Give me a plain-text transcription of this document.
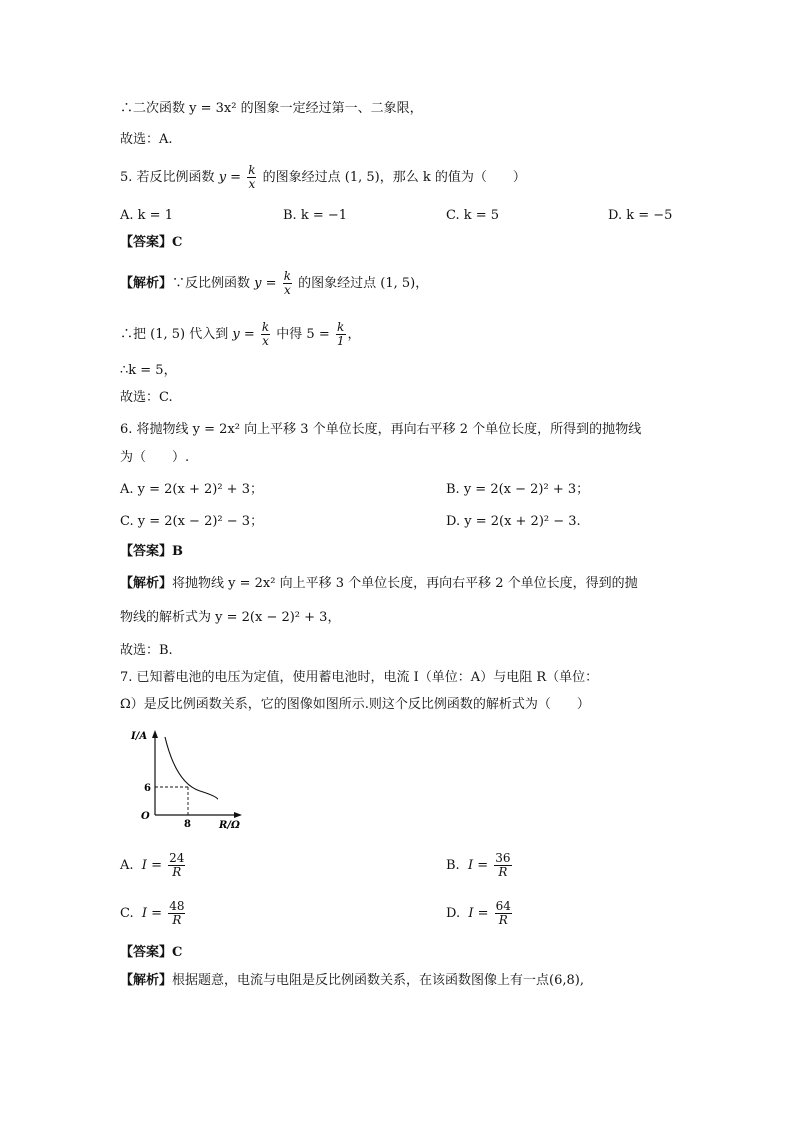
∴二次函数 y = 3x² 的图象一定经过第一、二象限，
故选：A.
5. 若反比例函数 $y = \frac{k}{x}$ 的图象经过点 (1, 5)，那么 k 的值为（　　）
A. k = 1	B. k = −1	C. k = 5	D. k = −5
【答案】C
【解析】∵反比例函数 $y = \frac{k}{x}$ 的图象经过点 (1, 5)，
∴把 (1, 5) 代入到 $y = \frac{k}{x}$ 中得 $5 = \frac{k}{1}$ ，
∴k = 5，
故选：C.
6. 将抛物线 y = 2x² 向上平移 3 个单位长度，再向右平移 2 个单位长度，所得到的抛物线
为（　　）.
A. y = 2(x + 2)² + 3；	B. y = 2(x − 2)² + 3；
C. y = 2(x − 2)² − 3；	D. y = 2(x + 2)² − 3.
【答案】B
【解析】将抛物线 y = 2x² 向上平移 3 个单位长度，再向右平移 2 个单位长度，得到的抛
物线的解析式为 y = 2(x − 2)² + 3，
故选：B.
7. 已知蓄电池的电压为定值，使用蓄电池时，电流 I（单位：A）与电阻 R（单位：
Ω）是反比例函数关系，它的图像如图所示.则这个反比例函数的解析式为（　　）
I/A
R/Ω
O
6
8
A. $I = \frac{24}{R}$	B. $I = \frac{36}{R}$
C. $I = \frac{48}{R}$	D. $I = \frac{64}{R}$
【答案】C
【解析】根据题意，电流与电阻是反比例函数关系，在该函数图像上有一点(6,8),
